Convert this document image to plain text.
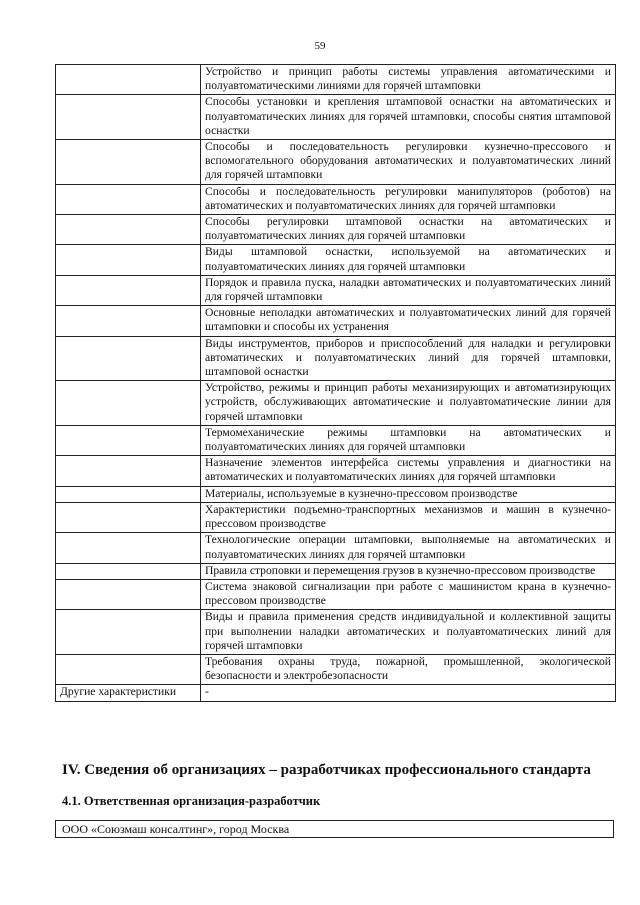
59
	Устройство и принцип работы системы управления автоматическими и полуавтоматическими линиями для горячей штамповки
	Способы установки и крепления штамповой оснастки на автоматических и полуавтоматических линиях для горячей штамповки, способы снятия штамповой оснастки
	Способы и последовательность регулировки кузнечно-прессового и вспомогательного оборудования автоматических и полуавтоматических линий для горячей штамповки
	Способы и последовательность регулировки манипуляторов (роботов) на автоматических и полуавтоматических линиях для горячей штамповки
	Способы регулировки штамповой оснастки на автоматических и полуавтоматических линиях для горячей штамповки
	Виды штамповой оснастки, используемой на автоматических и полуавтоматических линиях для горячей штамповки
	Порядок и правила пуска, наладки автоматических и полуавтоматических линий для горячей штамповки
	Основные неполадки автоматических и полуавтоматических линий для горячей штамповки и способы их устранения
	Виды инструментов, приборов и приспособлений для наладки и регулировки автоматических и полуавтоматических линий для горячей штамповки, штамповой оснастки
	Устройство, режимы и принцип работы механизирующих и автоматизирующих устройств, обслуживающих автоматические и полуавтоматические линии для горячей штамповки
	Термомеханические режимы штамповки на автоматических и полуавтоматических линиях для горячей штамповки
	Назначение элементов интерфейса системы управления и диагностики на автоматических и полуавтоматических линиях для горячей штамповки
	Материалы, используемые в кузнечно-прессовом производстве
	Характеристики подъемно-транспортных механизмов и машин в кузнечно-прессовом производстве
	Технологические операции штамповки, выполняемые на автоматических и полуавтоматических линиях для горячей штамповки
	Правила строповки и перемещения грузов в кузнечно-прессовом производстве
	Система знаковой сигнализации при работе с машинистом крана в кузнечно-прессовом производстве
	Виды и правила применения средств индивидуальной и коллективной защиты при выполнении наладки автоматических и полуавтоматических линий для горячей штамповки
	Требования охраны труда, пожарной, промышленной, экологической безопасности и электробезопасности
Другие характеристики	-
IV. Сведения об организациях – разработчиках профессионального стандарта
4.1. Ответственная организация-разработчик
ООО «Союзмаш консалтинг», город Москва
